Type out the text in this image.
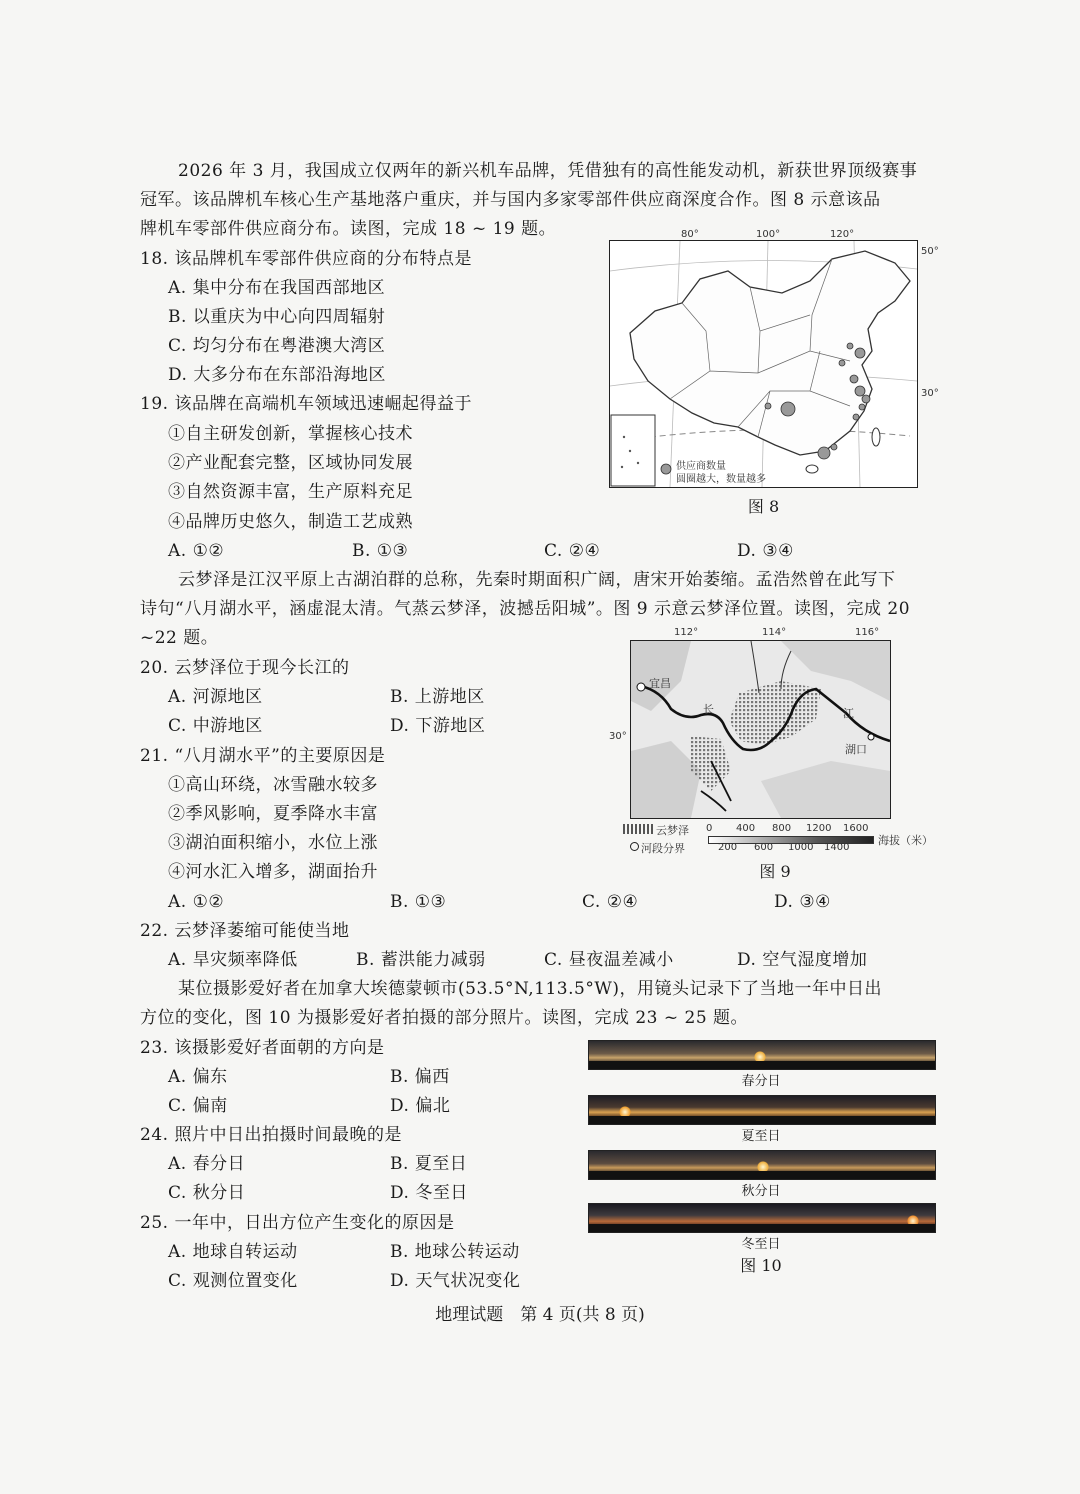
2026 年 3 月，我国成立仅两年的新兴机车品牌，凭借独有的高性能发动机，新获世界顶级赛事
冠军。该品牌机车核心生产基地落户重庆，并与国内多家零部件供应商深度合作。图 8 示意该品
牌机车零部件供应商分布。读图，完成 18 ~ 19 题。
18. 该品牌机车零部件供应商的分布特点是
A. 集中分布在我国西部地区
B. 以重庆为中心向四周辐射
C. 均匀分布在粤港澳大湾区
D. 大多分布在东部沿海地区
19. 该品牌在高端机车领域迅速崛起得益于
①自主研发创新，掌握核心技术
②产业配套完整，区域协同发展
③自然资源丰富，生产原料充足
④品牌历史悠久，制造工艺成熟
A. ①②	B. ①③	C. ②④	D. ③④
80°	100°	120°
50°
30°
供应商数量
圆圈越大，数量越多
图 8
云梦泽是江汉平原上古湖泊群的总称，先秦时期面积广阔，唐宋开始萎缩。孟浩然曾在此写下
诗句“八月湖水平，涵虚混太清。气蒸云梦泽，波撼岳阳城”。图 9 示意云梦泽位置。读图，完成 20
~22 题。
20. 云梦泽位于现今长江的
A. 河源地区	B. 上游地区
C. 中游地区	D. 下游地区
21. “八月湖水平”的主要原因是
①高山环绕，冰雪融水较多
②季风影响，夏季降水丰富
③湖泊面积缩小，水位上涨
④河水汇入增多，湖面抬升
A. ①②	B. ①③	C. ②④	D. ③④
112°	114°	116°
30°
宜昌
长	江
湖口
云梦泽
河段分界
0 400 800 1200 1600
200 600 1000 1400
海拔（米）
图 9
22. 云梦泽萎缩可能使当地
A. 旱灾频率降低	B. 蓄洪能力减弱	C. 昼夜温差减小	D. 空气湿度增加
某位摄影爱好者在加拿大埃德蒙顿市(53.5°N,113.5°W)，用镜头记录下了当地一年中日出
方位的变化，图 10 为摄影爱好者拍摄的部分照片。读图，完成 23 ~ 25 题。
23. 该摄影爱好者面朝的方向是
A. 偏东	B. 偏西
C. 偏南	D. 偏北
24. 照片中日出拍摄时间最晚的是
A. 春分日	B. 夏至日
C. 秋分日	D. 冬至日
25. 一年中，日出方位产生变化的原因是
A. 地球自转运动	B. 地球公转运动
C. 观测位置变化	D. 天气状况变化
春分日
夏至日
秋分日
冬至日
图 10
地理试题　第 4 页(共 8 页)
